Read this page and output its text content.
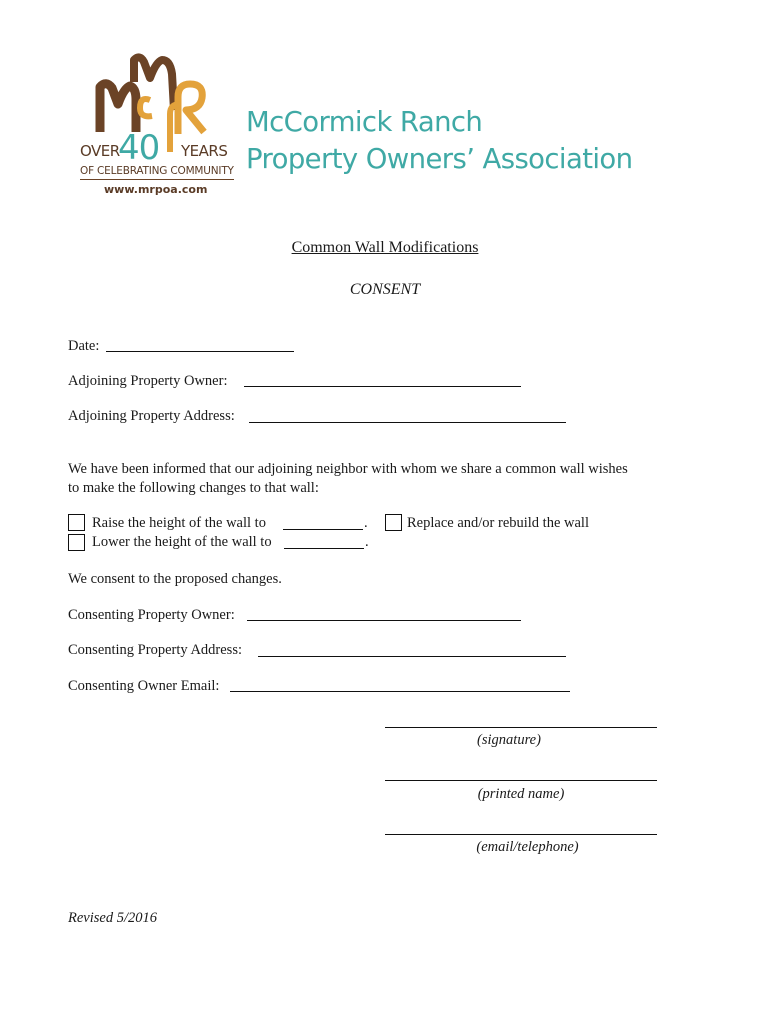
OVER
40 YEARS
OF CELEBRATING COMMUNITY
www.mrpoa.com
McCormick Ranch
Property Owners’ Association
Common Wall Modifications
CONSENT
Date:
Adjoining Property Owner:
Adjoining Property Address:
We have been informed that our adjoining neighbor with whom we share a common wall wishes
to make the following changes to that wall:
Raise the height of the wall to	.
Lower the height of the wall to	.
Replace and/or rebuild the wall
We consent to the proposed changes.
Consenting Property Owner:
Consenting Property Address:
Consenting Owner Email:
(signature)
(printed name)
(email/telephone)
Revised 5/2016
